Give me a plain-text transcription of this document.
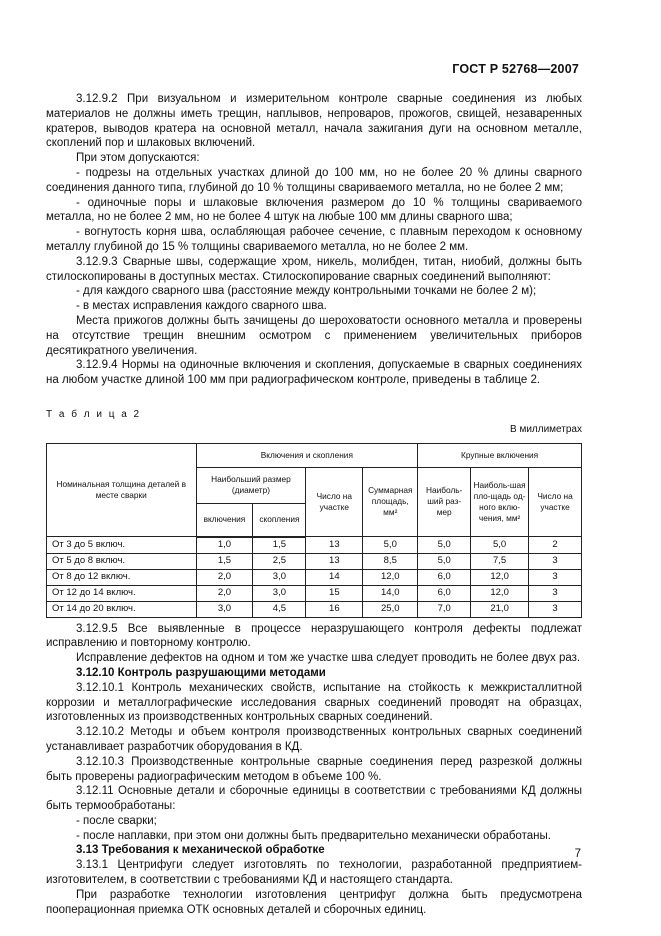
ГОСТ Р 52768—2007

3.12.9.2 При визуальном и измерительном контроле сварные соединения из любых материалов не должны иметь трещин, наплывов, непроваров, прожогов, свищей, незаваренных кратеров, выводов кратера на основной металл, начала зажигания дуги на основном металле, скоплений пор и шлаковых включений.

При этом допускаются:

- подрезы на отдельных участках длиной до 100 мм, но не более 20 % длины сварного соединения данного типа, глубиной до 10 % толщины свариваемого металла, но не более 2 мм;

- одиночные поры и шлаковые включения размером до 10 % толщины свариваемого металла, но не более 2 мм, но не более 4 штук на любые 100 мм длины сварного шва;

- вогнутость корня шва, ослабляющая рабочее сечение, с плавным переходом к основному металлу глубиной до 15 % толщины свариваемого металла, но не более 2 мм.

3.12.9.3 Сварные швы, содержащие хром, никель, молибден, титан, ниобий, должны быть стилоскопированы в доступных местах. Стилоскопирование сварных соединений выполняют:

- для каждого сварного шва (расстояние между контрольными точками не более 2 м);

- в местах исправления каждого сварного шва.

Места прижогов должны быть зачищены до шероховатости основного металла и проверены на отсутствие трещин внешним осмотром с применением увеличительных приборов десятикратного увеличения.

3.12.9.4 Нормы на одиночные включения и скопления, допускаемые в сварных соединениях на любом участке длиной 100 мм при радиографическом контроле, приведены в таблице 2.

Т а б л и ц а 2
В миллиметрах
Номинальная толщина деталей в месте сварки	Включения и скопления				Крупные включения		
	Наибольший размер (диаметр)		Число на участке	Суммарная площадь, мм²	Наиболь-ший раз-мер	Наиболь-шая пло-щадь од-ного вклю-чения, мм²	Число на участке
	включения	скопления					
От 3 до 5 включ.	1,0	1,5	13	5,0	5,0	5,0	2
От 5 до 8 включ.	1,5	2,5	13	8,5	5,0	7,5	3
От 8 до 12 включ.	2,0	3,0	14	12,0	6,0	12,0	3
От 12 до 14 включ.	2,0	3,0	15	14,0	6,0	12,0	3
От 14 до 20 включ.	3,0	4,5	16	25,0	7,0	21,0	3

3.12.9.5 Все выявленные в процессе неразрушающего контроля дефекты подлежат исправлению и повторному контролю.

Исправление дефектов на одном и том же участке шва следует проводить не более двух раз.

3.12.10 Контроль разрушающими методами

3.12.10.1 Контроль механических свойств, испытание на стойкость к межкристаллитной коррозии и металлографические исследования сварных соединений проводят на образцах, изготовленных из производственных контрольных сварных соединений.

3.12.10.2 Методы и объем контроля производственных контрольных сварных соединений устанавливает разработчик оборудования в КД.

3.12.10.3 Производственные контрольные сварные соединения перед разрезкой должны быть проверены радиографическим методом в объеме 100 %.

3.12.11 Основные детали и сборочные единицы в соответствии с требованиями КД должны быть термообработаны:

- после сварки;

- после наплавки, при этом они должны быть предварительно механически обработаны.

3.13 Требования к механической обработке

3.13.1 Центрифуги следует изготовлять по технологии, разработанной предприятием-изготовителем, в соответствии с требованиями КД и настоящего стандарта.

При разработке технологии изготовления центрифуг должна быть предусмотрена пооперационная приемка ОТК основных деталей и сборочных единиц.

7
